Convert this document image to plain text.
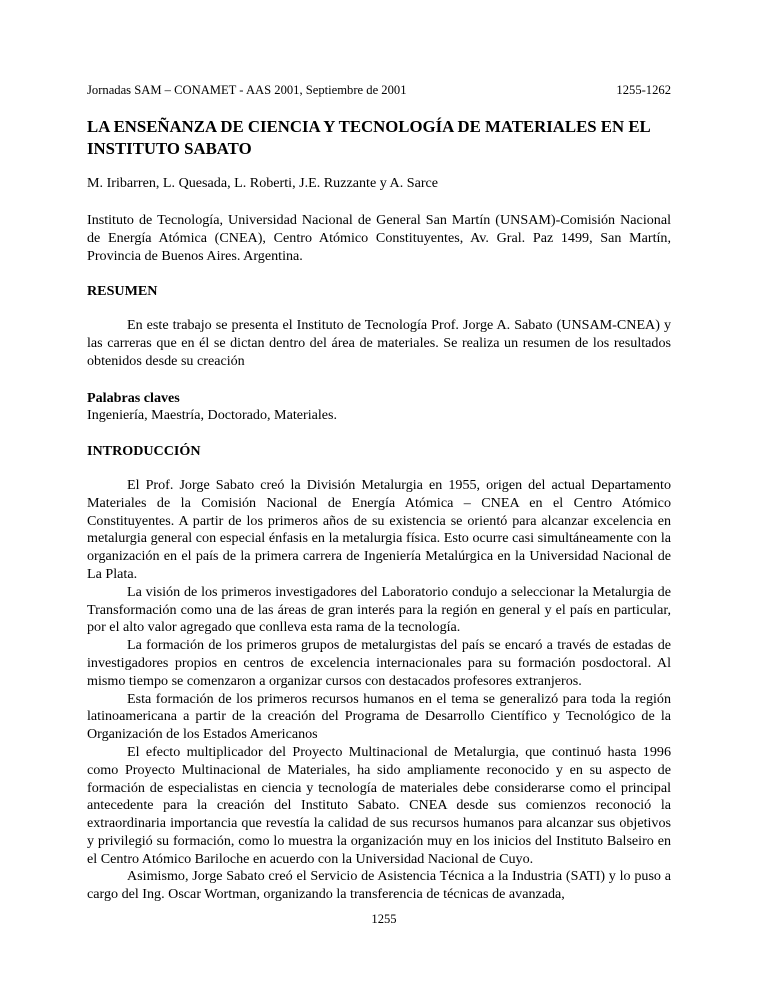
Jornadas SAM – CONAMET - AAS 2001, Septiembre de 2001	1255-1262
LA ENSEÑANZA DE CIENCIA Y TECNOLOGÍA DE MATERIALES EN EL INSTITUTO SABATO

M. Iribarren, L. Quesada, L. Roberti, J.E. Ruzzante y A. Sarce

Instituto de Tecnología, Universidad Nacional de General San Martín (UNSAM)-Comisión Nacional de Energía Atómica (CNEA), Centro Atómico Constituyentes, Av. Gral. Paz 1499, San Martín, Provincia de Buenos Aires. Argentina.

RESUMEN

En este trabajo se presenta el Instituto de Tecnología Prof. Jorge A. Sabato (UNSAM-CNEA) y las carreras que en él se dictan dentro del área de materiales. Se realiza un resumen de los resultados obtenidos desde su creación

Palabras claves

Ingeniería, Maestría, Doctorado, Materiales.

INTRODUCCIÓN

El Prof. Jorge Sabato creó la División Metalurgia en 1955, origen del actual Departamento Materiales de la Comisión Nacional de Energía Atómica – CNEA en el Centro Atómico Constituyentes. A partir de los primeros años de su existencia se orientó para alcanzar excelencia en metalurgia general con especial énfasis en la metalurgia física. Esto ocurre casi simultáneamente con la organización en el país de la primera carrera de Ingeniería Metalúrgica en la Universidad Nacional de La Plata.

La visión de los primeros investigadores del Laboratorio condujo a seleccionar la Metalurgia de Transformación como una de las áreas de gran interés para la región en general y el país en particular, por el alto valor agregado que conlleva esta rama de la tecnología.

La formación de los primeros grupos de metalurgistas del país se encaró a través de estadas de investigadores propios en centros de excelencia internacionales para su formación posdoctoral. Al mismo tiempo se comenzaron a organizar cursos con destacados profesores extranjeros.

Esta formación de los primeros recursos humanos en el tema se generalizó para toda la región latinoamericana a partir de la creación del Programa de Desarrollo Científico y Tecnológico de la Organización de los Estados Americanos

El efecto multiplicador del Proyecto Multinacional de Metalurgia, que continuó hasta 1996 como Proyecto Multinacional de Materiales, ha sido ampliamente reconocido y en su aspecto de formación de especialistas en ciencia y tecnología de materiales debe considerarse como el principal antecedente para la creación del Instituto Sabato. CNEA desde sus comienzos reconoció la extraordinaria importancia que revestía la calidad de sus recursos humanos para alcanzar sus objetivos y privilegió su formación, como lo muestra la organización muy en los inicios del Instituto Balseiro en el Centro Atómico Bariloche en acuerdo con la Universidad Nacional de Cuyo.

Asimismo, Jorge Sabato creó el Servicio de Asistencia Técnica a la Industria (SATI) y lo puso a cargo del Ing. Oscar Wortman, organizando la transferencia de técnicas de avanzada,

1255
